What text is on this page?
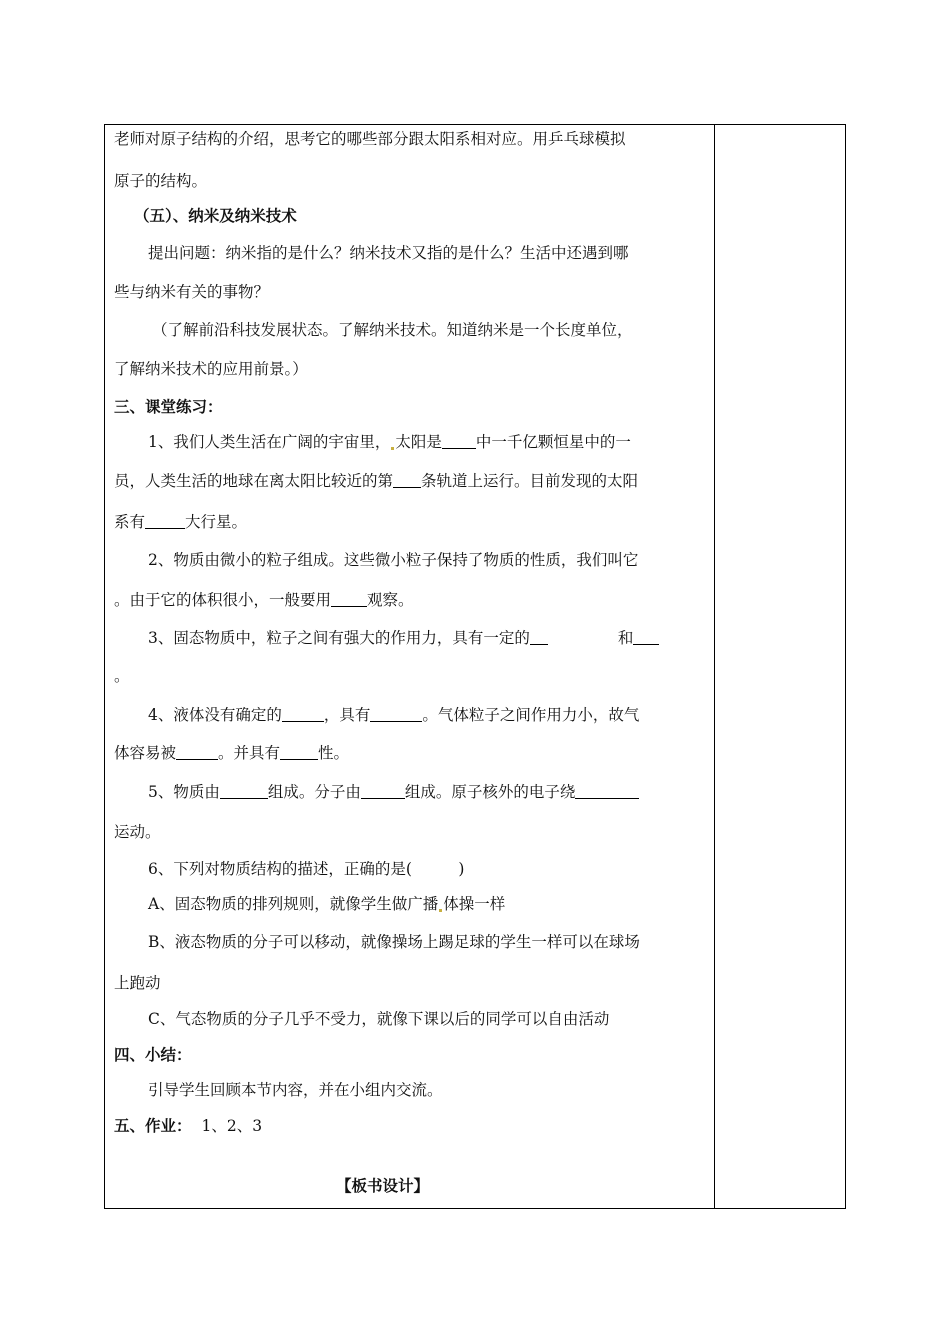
老师对原子结构的介绍，思考它的哪些部分跟太阳系相对应。用乒乓球模拟
原子的结构。
（五）、纳米及纳米技术
提出问题：纳米指的是什么？纳米技术又指的是什么？生活中还遇到哪
些与纳米有关的事物？
（了解前沿科技发展状态。了解纳米技术。知道纳米是一个长度单位，
了解纳米技术的应用前景。）
三、课堂练习：
1、我们人类生活在广阔的宇宙里， 太阳是 中一千亿颗恒星中的一
员，人类生活的地球在离太阳比较近的第 条轨道上运行。目前发现的太阳
系有	大行星。
2、物质由微小的粒子组成。这些微小粒子保持了物质的性质，我们叫它
。由于它的体积很小，一般要用 观察。
3、固态物质中，粒子之间有强大的作用力，具有一定的	和
。
4、液体没有确定的	，具有	。气体粒子之间作用力小，故气
体容易被	。并具有 性。
5、物质由	组成。分子由	组成。原子核外的电子绕
运动。
6、下列对物质结构的描述，正确的是(　　　)
A、固态物质的排列规则，就像学生做广播 体操一样
B、液态物质的分子可以移动，就像操场上踢足球的学生一样可以在球场
上跑动
C、气态物质的分子几乎不受力，就像下课以后的同学可以自由活动
四、小结：
引导学生回顾本节内容，并在小组内交流。
五、作业： 1、2、3
【板书设计】
